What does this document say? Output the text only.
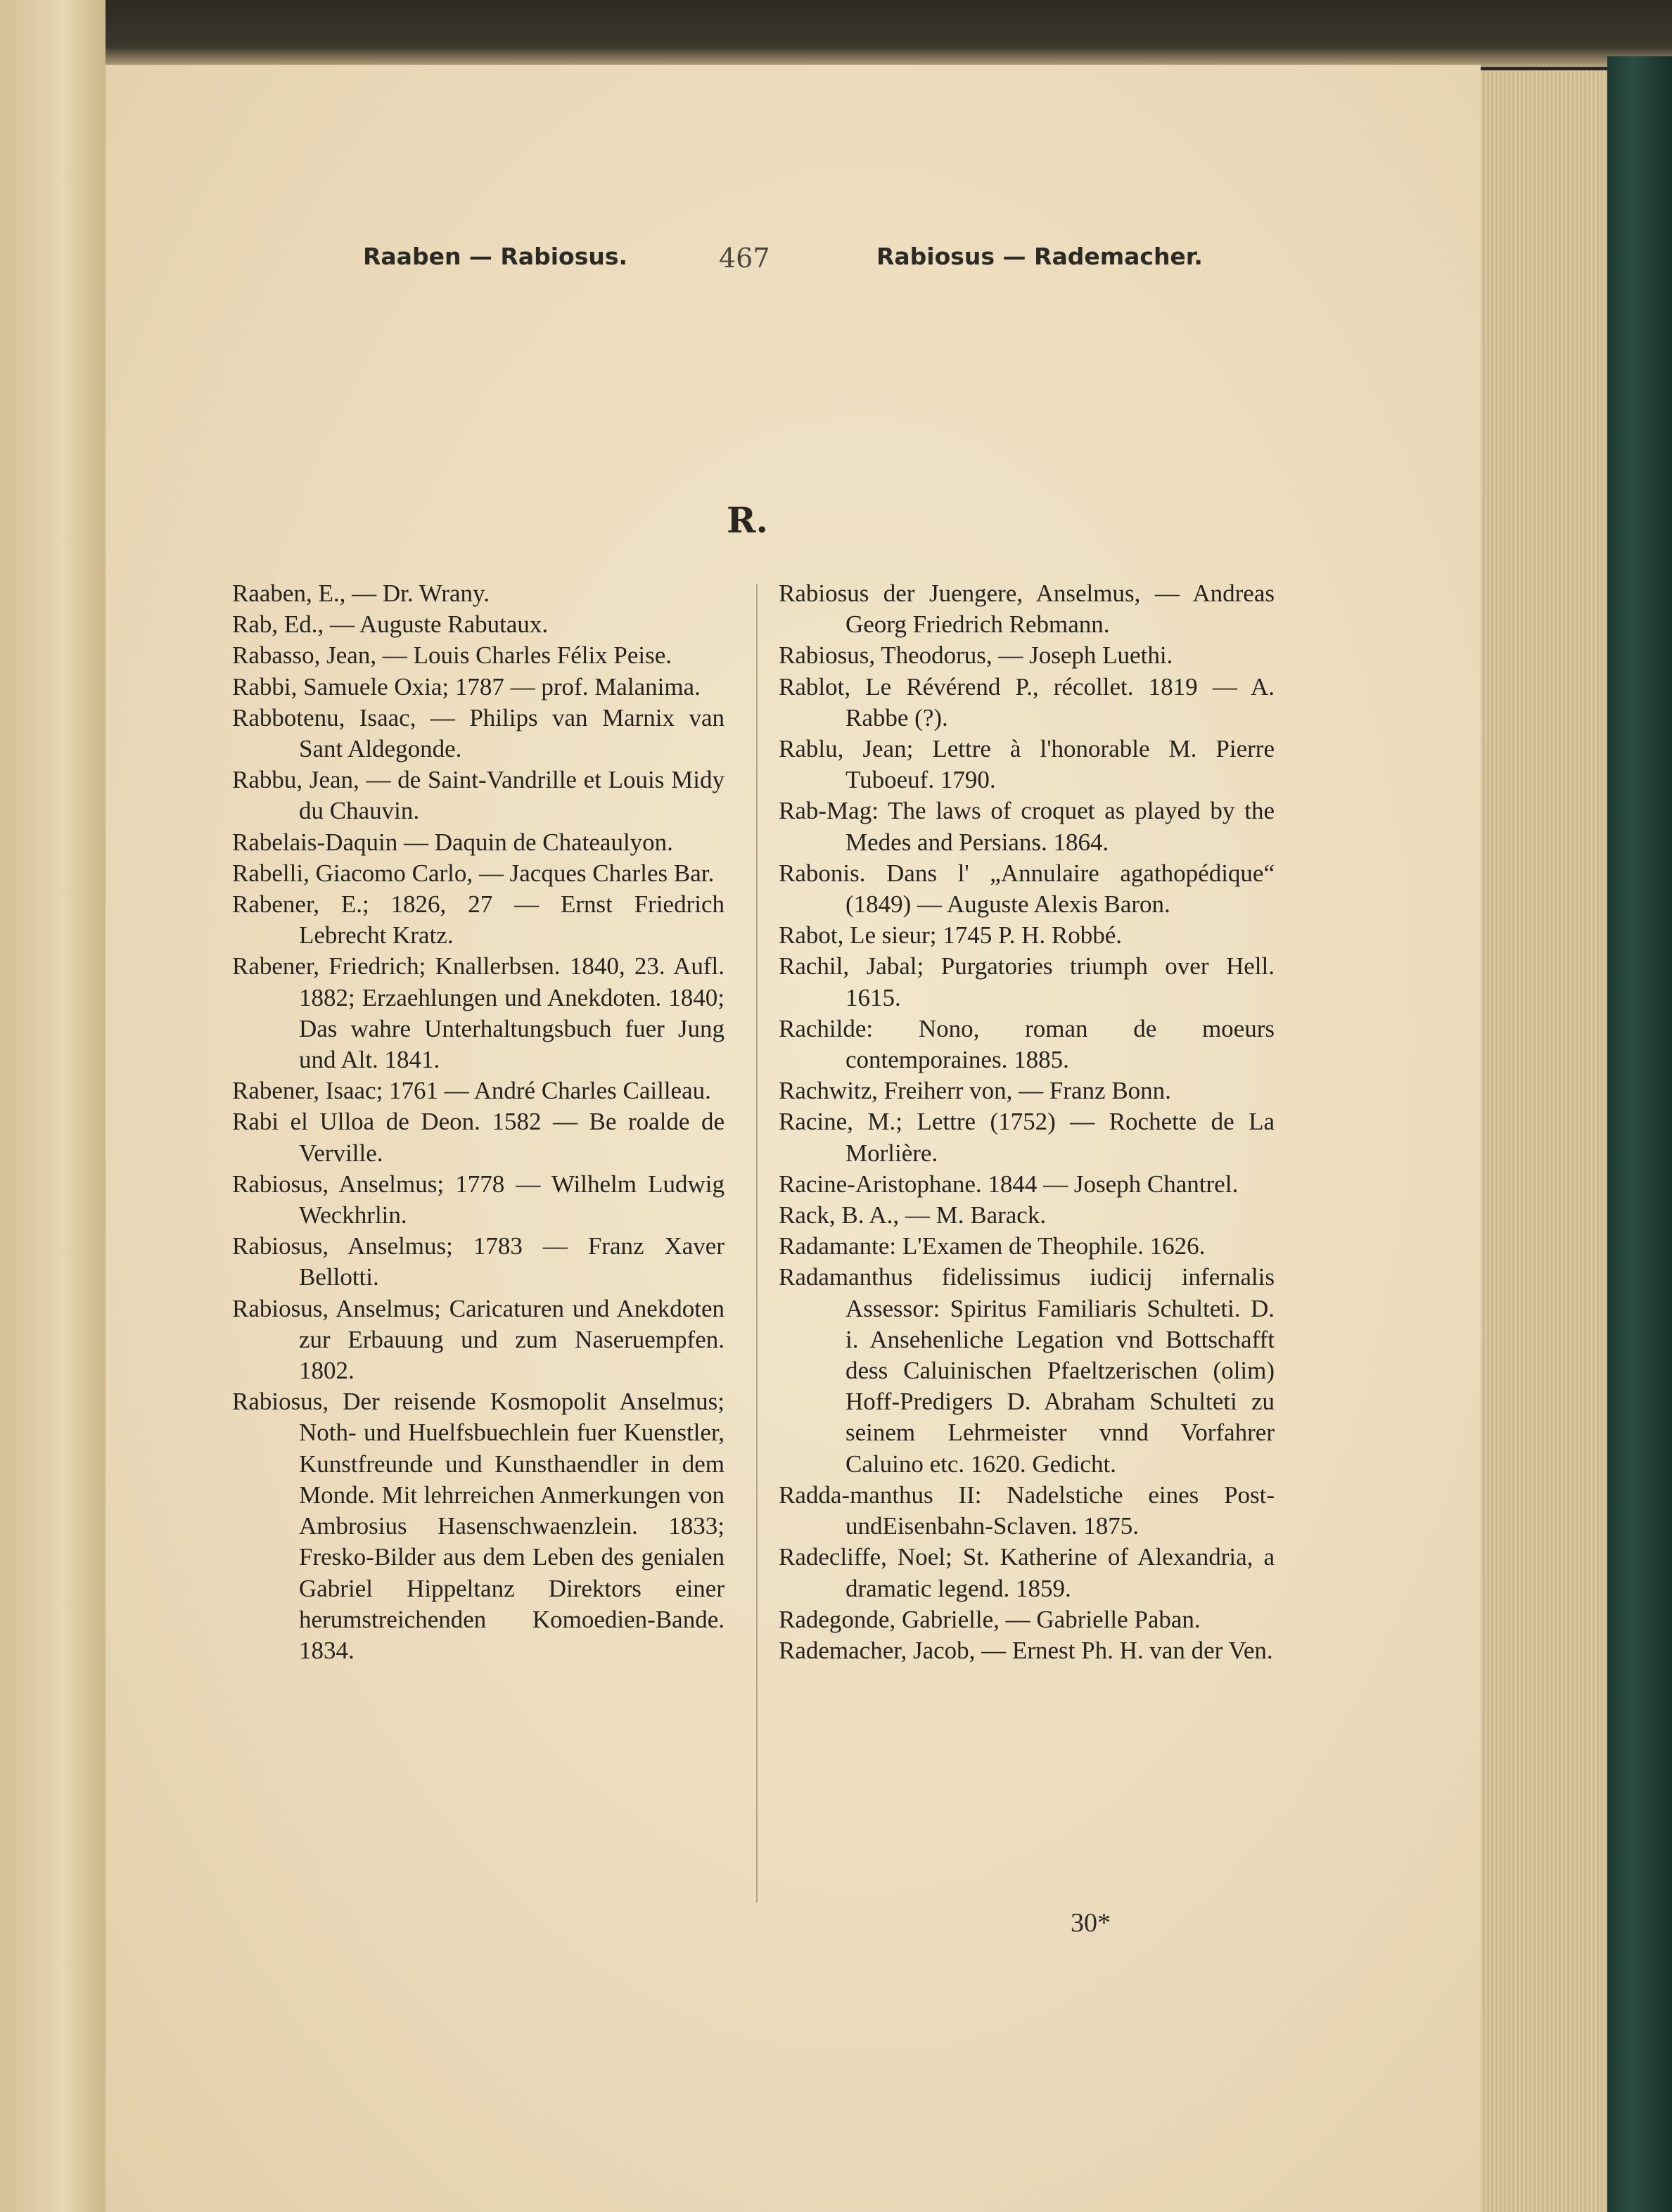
Raaben — Rabiosus.	467	Rabiosus — Rademacher.
R.

Raaben, E., — Dr. Wrany.

Rab, Ed., — Auguste Rabutaux.

Rabasso, Jean, — Louis Charles Félix Peise.

Rabbi, Samuele Oxia; 1787 — prof. Malanima.

Rabbotenu, Isaac, — Philips van Marnix van Sant Aldegonde.

Rabbu, Jean, — de Saint-Vandrille et Louis Midy du Chauvin.

Rabelais-Daquin — Daquin de Chateaulyon.

Rabelli, Giacomo Carlo, — Jacques Charles Bar.

Rabener, E.; 1826, 27 — Ernst Friedrich Lebrecht Kratz.

Rabener, Friedrich; Knallerbsen. 1840, 23. Aufl. 1882; Erzaehlungen und Anekdoten. 1840; Das wahre Unterhaltungsbuch fuer Jung und Alt. 1841.

Rabener, Isaac; 1761 — André Charles Cailleau.

Rabi el Ulloa de Deon. 1582 — Be roalde de Verville.

Rabiosus, Anselmus; 1778 — Wilhelm Ludwig Weckhrlin.

Rabiosus, Anselmus; 1783 — Franz Xaver Bellotti.

Rabiosus, Anselmus; Caricaturen und Anekdoten zur Erbauung und zum Naseruempfen. 1802.

Rabiosus, Der reisende Kosmopolit Anselmus; Noth- und Huelfsbuechlein fuer Kuenstler, Kunstfreunde und Kunsthaendler in dem Monde. Mit lehrreichen Anmerkungen von Ambrosius Hasenschwaenzlein. 1833; Fresko-Bilder aus dem Leben des genialen Gabriel Hippeltanz Direktors einer herumstreichenden Komoedien-Bande. 1834.

Rabiosus der Juengere, Anselmus, — Andreas Georg Friedrich Rebmann.

Rabiosus, Theodorus, — Joseph Luethi.

Rablot, Le Révérend P., récollet. 1819 — A. Rabbe (?).

Rablu, Jean; Lettre à l'honorable M. Pierre Tuboeuf. 1790.

Rab-Mag: The laws of croquet as played by the Medes and Persians. 1864.

Rabonis. Dans l' „Annulaire agathopédique“ (1849) — Auguste Alexis Baron.

Rabot, Le sieur; 1745 P. H. Robbé.

Rachil, Jabal; Purgatories triumph over Hell. 1615.

Rachilde: Nono, roman de moeurs contemporaines. 1885.

Rachwitz, Freiherr von, — Franz Bonn.

Racine, M.; Lettre (1752) — Rochette de La Morlière.

Racine-Aristophane. 1844 — Joseph Chantrel.

Rack, B. A., — M. Barack.

Radamante: L'Examen de Theophile. 1626.

Radamanthus fidelissimus iudicij infernalis Assessor: Spiritus Familiaris Schulteti. D. i. Ansehenliche Legation vnd Bottschafft dess Caluinischen Pfaeltzerischen (olim) Hoff-Predigers D. Abraham Schulteti zu seinem Lehrmeister vnnd Vorfahrer Caluino etc. 1620. Gedicht.

Radda-manthus II: Nadelstiche eines Post- undEisenbahn-Sclaven. 1875.

Radecliffe, Noel; St. Katherine of Alexandria, a dramatic legend. 1859.

Radegonde, Gabrielle, — Gabrielle Paban.

Rademacher, Jacob, — Ernest Ph. H. van der Ven.

30*
